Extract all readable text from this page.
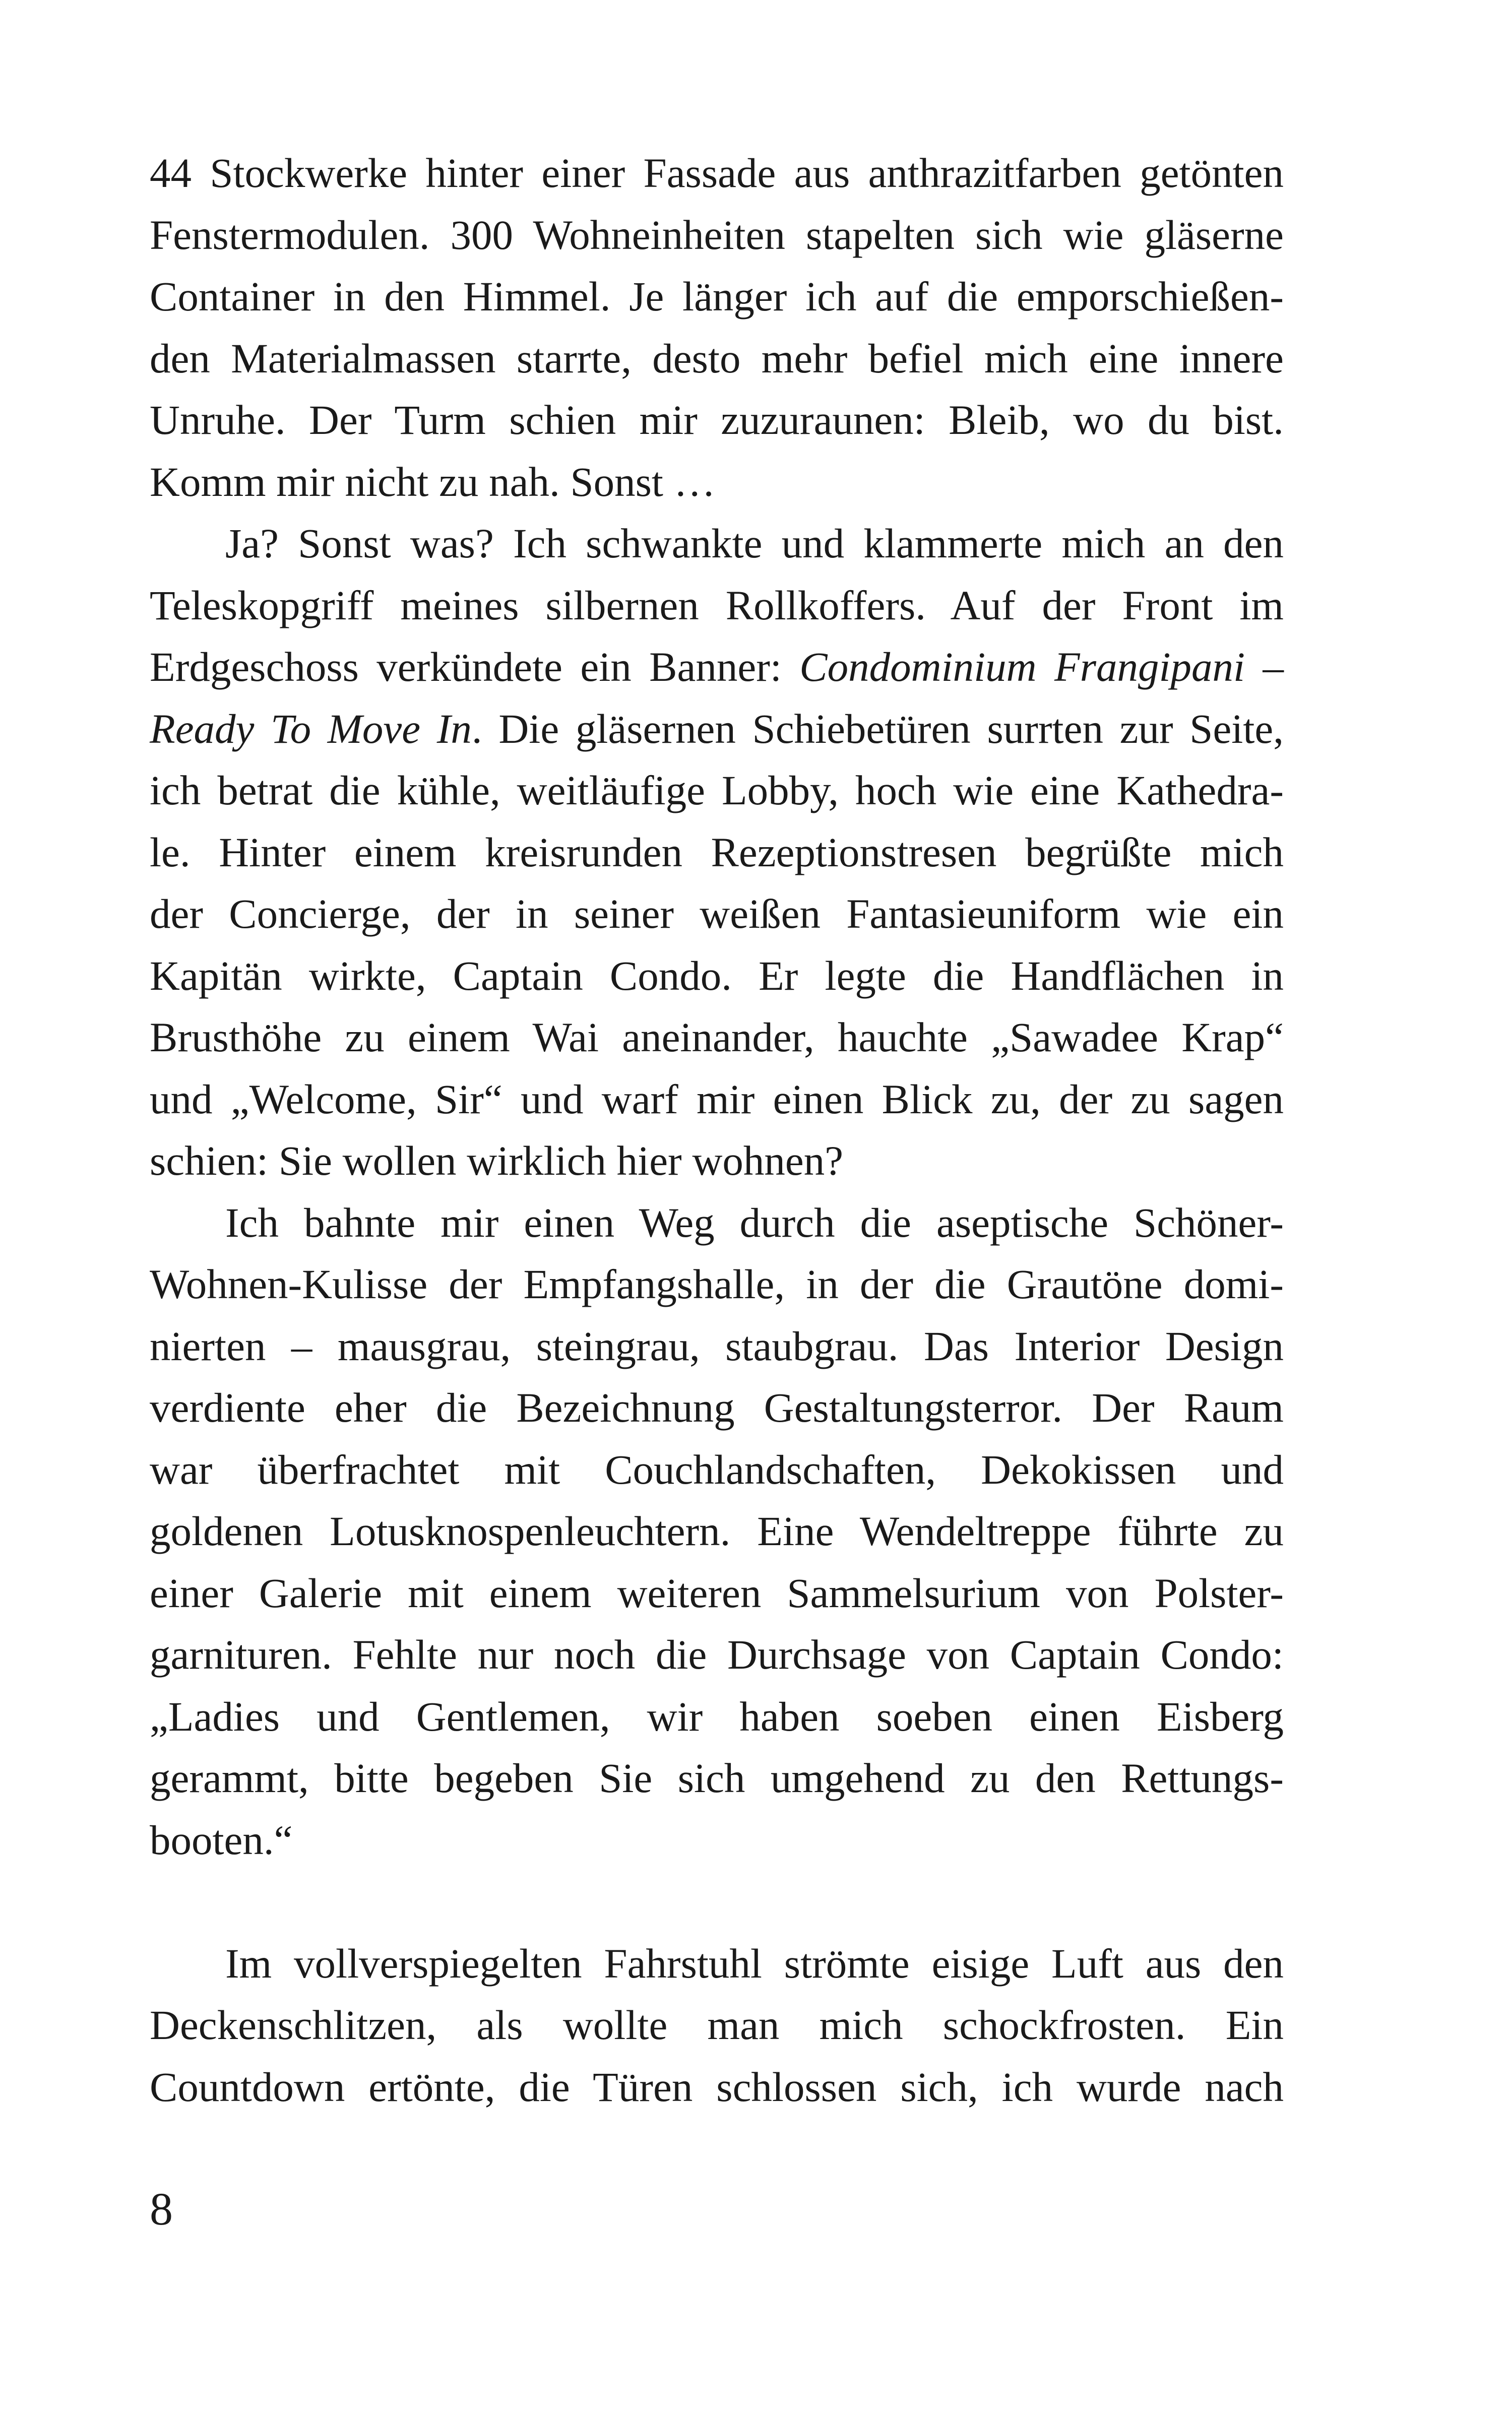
44 Stockwerke hinter einer Fassade aus anthrazitfarben getönten
Fenstermodulen. 300 Wohneinheiten stapelten sich wie gläserne
Container in den Himmel. Je länger ich auf die emporschießen-
den Materialmassen starrte, desto mehr befiel mich eine innere
Unruhe. Der Turm schien mir zuzuraunen: Bleib, wo du bist.
Komm mir nicht zu nah. Sonst …
Ja? Sonst was? Ich schwankte und klammerte mich an den
Teleskopgriff meines silbernen Rollkoffers. Auf der Front im
Erdgeschoss verkündete ein Banner: Condominium Frangipani –
Ready To Move In. Die gläsernen Schiebetüren surrten zur Seite,
ich betrat die kühle, weitläufige Lobby, hoch wie eine Kathedra-
le. Hinter einem kreisrunden Rezeptionstresen begrüßte mich
der Concierge, der in seiner weißen Fantasieuniform wie ein
Kapitän wirkte, Captain Condo. Er legte die Handflächen in
Brusthöhe zu einem Wai aneinander, hauchte „Sawadee Krap“
und „Welcome, Sir“ und warf mir einen Blick zu, der zu sagen
schien: Sie wollen wirklich hier wohnen?
Ich bahnte mir einen Weg durch die aseptische Schöner-
Wohnen-Kulisse der Empfangshalle, in der die Grautöne domi-
nierten – mausgrau, steingrau, staubgrau. Das Interior Design
verdiente eher die Bezeichnung Gestaltungsterror. Der Raum
war überfrachtet mit Couchlandschaften, Dekokissen und
goldenen Lotusknospenleuchtern. Eine Wendeltreppe führte zu
einer Galerie mit einem weiteren Sammelsurium von Polster-
garnituren. Fehlte nur noch die Durchsage von Captain Condo:
„Ladies und Gentlemen, wir haben soeben einen Eisberg
gerammt, bitte begeben Sie sich umgehend zu den Rettungs-
booten.“
Im vollverspiegelten Fahrstuhl strömte eisige Luft aus den
Deckenschlitzen, als wollte man mich schockfrosten. Ein
Countdown ertönte, die Türen schlossen sich, ich wurde nach
8
